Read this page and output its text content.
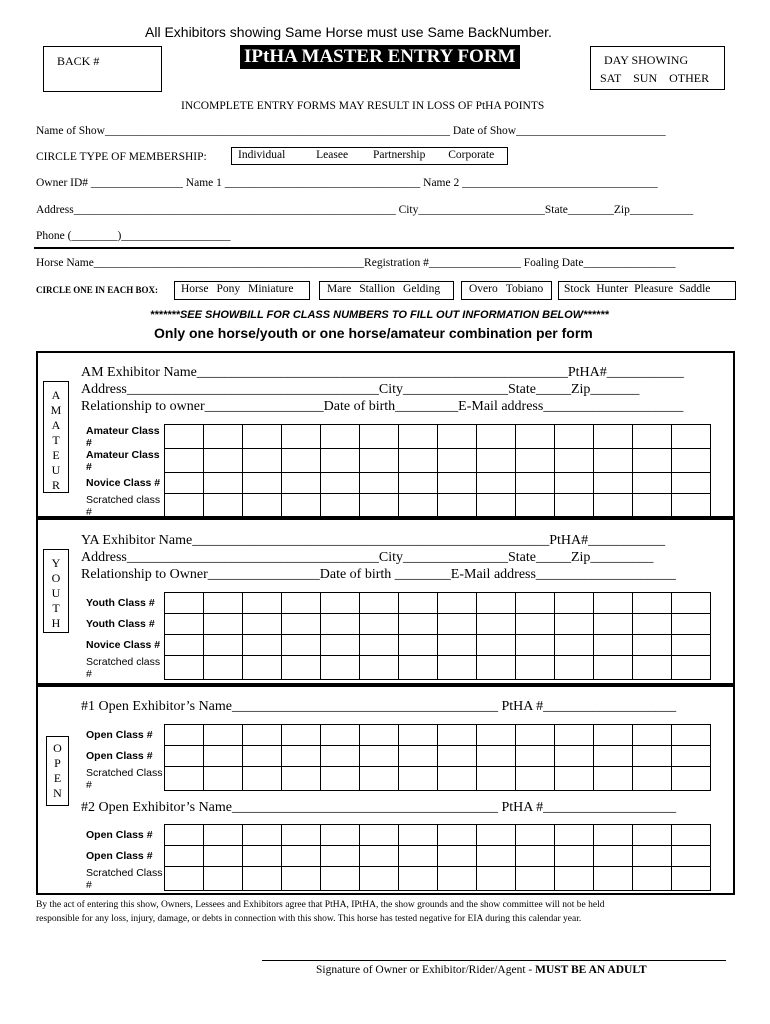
All Exhibitors showing Same Horse must use Same BackNumber.
BACK #	IPtHA MASTER ENTRY FORM	DAY SHOWING
SAT    SUN    OTHER
INCOMPLETE ENTRY FORMS MAY RESULT IN LOSS OF PtHA POINTS
Name of Show____________________________________________________________ Date of Show__________________________
CIRCLE TYPE OF MEMBERSHIP:	Individual	Leasee Partnership Corporate
Owner ID# ________________ Name 1 __________________________________ Name 2 __________________________________
Address________________________________________________________ City______________________State________Zip___________
Phone (________)___________________
Horse Name_______________________________________________Registration #________________ Foaling Date________________
CIRCLE ONE IN EACH BOX:	Horse Pony Miniature	Mare Stallion Gelding	Overo Tobiano	Stock Hunter Pleasure Saddle
*******SEE SHOWBILL FOR CLASS NUMBERS TO FILL OUT INFORMATION BELOW******
Only one horse/youth or one horse/amateur combination per form
A
M
A
T
E
U
R
AM Exhibitor Name_____________________________________________________PtHA#___________
Address____________________________________City_______________State_____Zip_______
Relationship to owner_________________Date of birth_________E-Mail address____________________
Amateur Class #														
Amateur Class #														
Novice Class #														
Scratched class #														
Y
O
U
T
H
YA Exhibitor Name___________________________________________________PtHA#___________
Address____________________________________City_______________State_____Zip_________
Relationship to Owner________________Date of birth ________E-Mail address____________________
Youth Class #														
Youth Class #														
Novice Class #														
Scratched class #														
O
P
E
N
#1 Open Exhibitor’s Name______________________________________ PtHA #___________________
Open Class #														
Open Class #														
Scratched Class #														
#2 Open Exhibitor’s Name______________________________________ PtHA #___________________
Open Class #														
Open Class #														
Scratched Class #														
By the act of entering this show, Owners, Lessees and Exhibitors agree that PtHA, IPtHA, the show grounds and the show committee will not be held
responsible for any loss, injury, damage, or debts in connection with this show. This horse has tested negative for EIA during this calendar year.
Signature of Owner or Exhibitor/Rider/Agent - MUST BE AN ADULT
